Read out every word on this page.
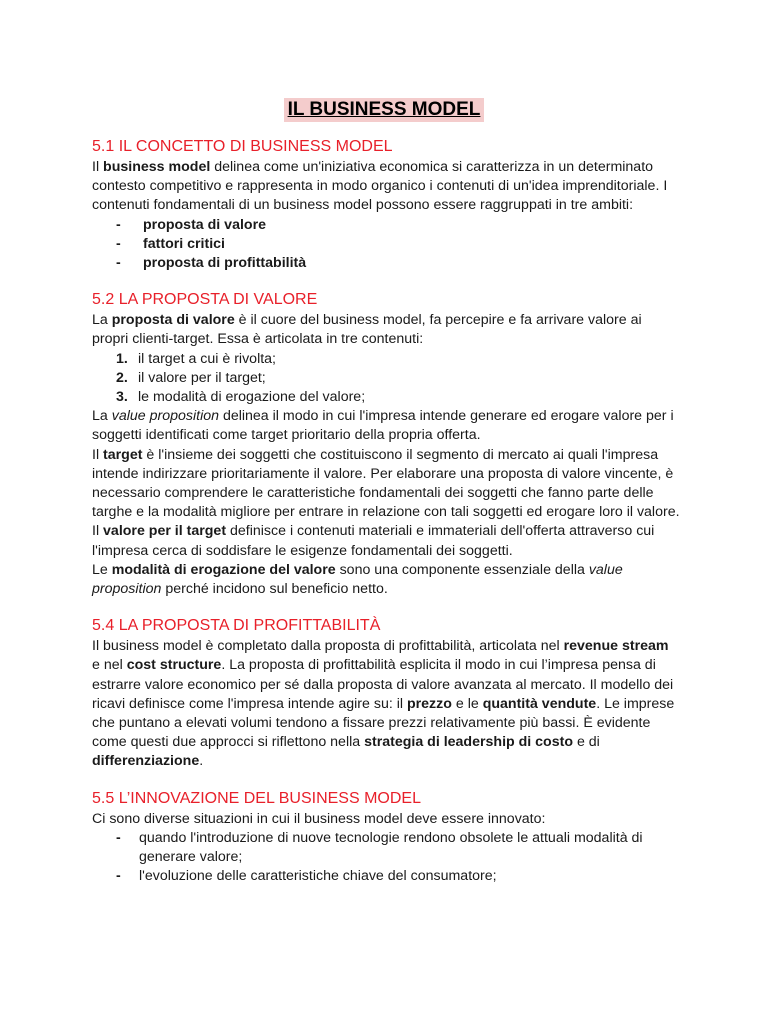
IL BUSINESS MODEL
5.1 IL CONCETTO DI BUSINESS MODEL

Il business model delinea come un'iniziativa economica si caratterizza in un determinato contesto competitivo e rappresenta in modo organico i contenuti di un'idea imprenditoriale. I contenuti fondamentali di un business model possono essere raggruppati in tre ambiti:

- proposta di valore
- fattori critici
- proposta di profittabilità
5.2 LA PROPOSTA DI VALORE

La proposta di valore è il cuore del business model, fa percepire e fa arrivare valore ai propri clienti-target. Essa è articolata in tre contenuti:

1. il target a cui è rivolta;
2. il valore per il target;
3. le modalità di erogazione del valore;

La value proposition delinea il modo in cui l'impresa intende generare ed erogare valore per i soggetti identificati come target prioritario della propria offerta.

Il target è l'insieme dei soggetti che costituiscono il segmento di mercato ai quali l'impresa intende indirizzare prioritariamente il valore. Per elaborare una proposta di valore vincente, è necessario comprendere le caratteristiche fondamentali dei soggetti che fanno parte delle targhe e la modalità migliore per entrare in relazione con tali soggetti ed erogare loro il valore.

Il valore per il target definisce i contenuti materiali e immateriali dell'offerta attraverso cui l'impresa cerca di soddisfare le esigenze fondamentali dei soggetti.

Le modalità di erogazione del valore sono una componente essenziale della value proposition perché incidono sul beneficio netto.

5.4 LA PROPOSTA DI PROFITTABILITÀ

Il business model è completato dalla proposta di profittabilità, articolata nel revenue stream e nel cost structure. La proposta di profittabilità esplicita il modo in cui l’impresa pensa di estrarre valore economico per sé dalla proposta di valore avanzata al mercato. Il modello dei ricavi definisce come l'impresa intende agire su: il prezzo e le quantità vendute. Le imprese che puntano a elevati volumi tendono a fissare prezzi relativamente più bassi. È evidente come questi due approcci si riflettono nella strategia di leadership di costo e di differenziazione.

5.5 L’INNOVAZIONE DEL BUSINESS MODEL

Ci sono diverse situazioni in cui il business model deve essere innovato:

- quando l'introduzione di nuove tecnologie rendono obsolete le attuali modalità di generare valore;
- l'evoluzione delle caratteristiche chiave del consumatore;
